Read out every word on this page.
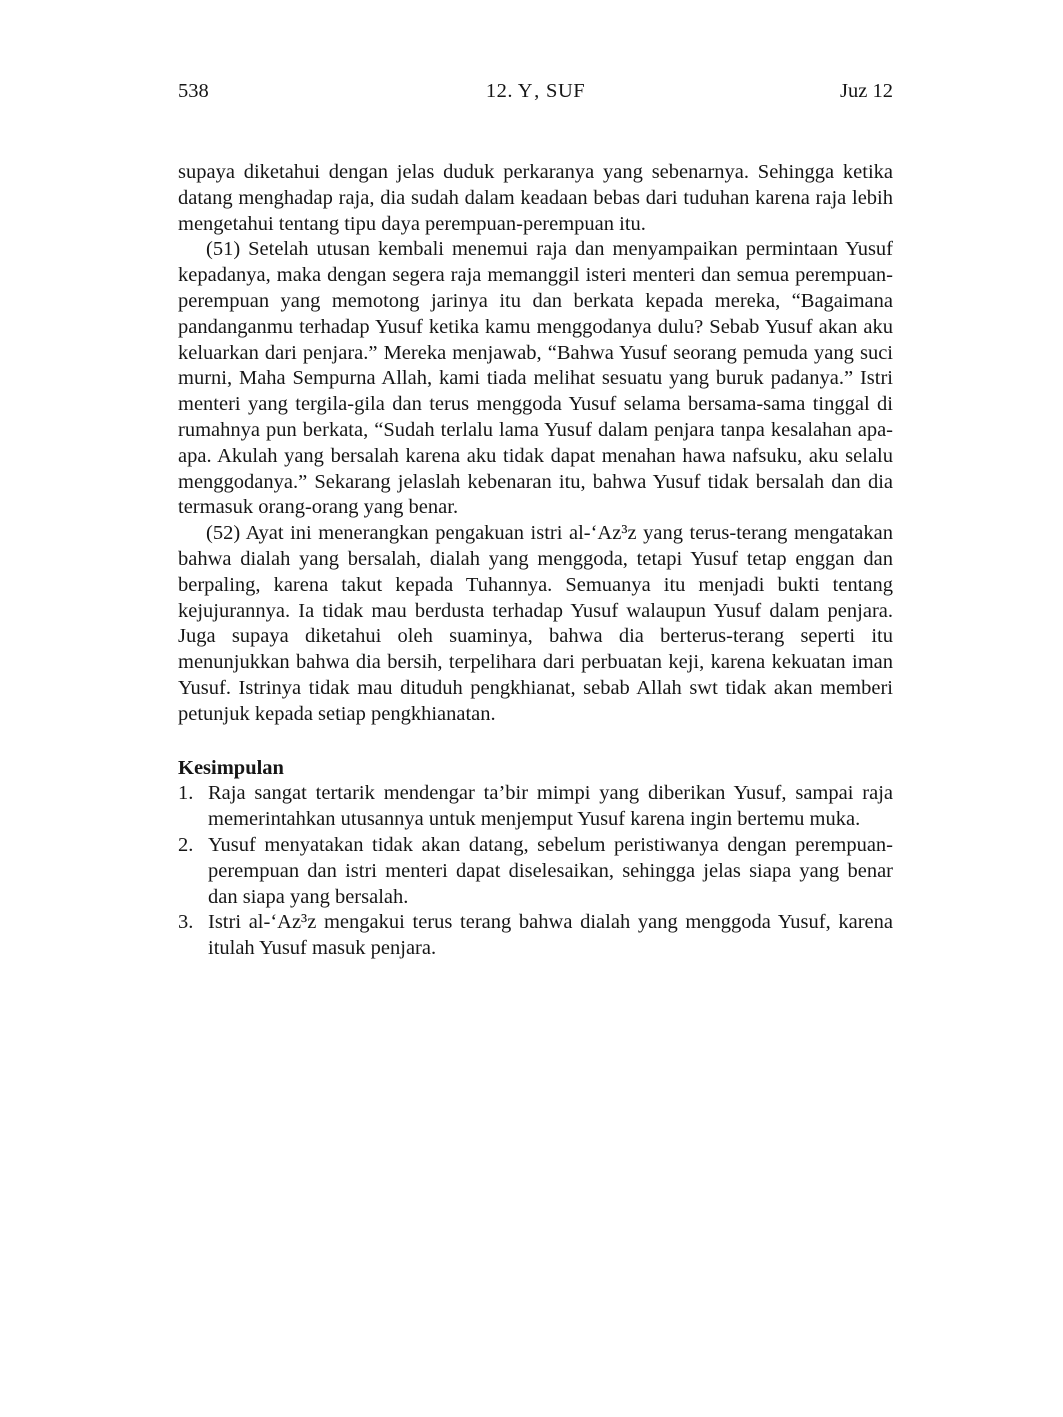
538	12. Y‚ SUF	Juz 12

supaya diketahui dengan jelas duduk perkaranya yang sebenarnya. Sehingga ketika datang menghadap raja, dia sudah dalam keadaan bebas dari tuduhan karena raja lebih mengetahui tentang tipu daya perempuan-perempuan itu.

(51) Setelah utusan kembali menemui raja dan menyampaikan permintaan Yusuf kepadanya, maka dengan segera raja memanggil isteri menteri dan semua perempuan-perempuan yang memotong jarinya itu dan berkata kepada mereka, “Bagaimana pandanganmu terhadap Yusuf ketika kamu menggodanya dulu? Sebab Yusuf akan aku keluarkan dari penjara.” Mereka menjawab, “Bahwa Yusuf seorang pemuda yang suci murni, Maha Sempurna Allah, kami tiada melihat sesuatu yang buruk padanya.” Istri menteri yang tergila-gila dan terus menggoda Yusuf selama bersama-sama tinggal di rumahnya pun berkata, “Sudah terlalu lama Yusuf dalam penjara tanpa kesalahan apa-apa. Akulah yang bersalah karena aku tidak dapat menahan hawa nafsuku, aku selalu menggodanya.” Sekarang jelaslah kebenaran itu, bahwa Yusuf tidak bersalah dan dia termasuk orang-orang yang benar.

(52) Ayat ini menerangkan pengakuan istri al-‘Az³z yang terus-terang mengatakan bahwa dialah yang bersalah, dialah yang menggoda, tetapi Yusuf tetap enggan dan berpaling, karena takut kepada Tuhannya. Semuanya itu menjadi bukti tentang kejujurannya. Ia tidak mau berdusta terhadap Yusuf walaupun Yusuf dalam penjara. Juga supaya diketahui oleh suaminya, bahwa dia berterus-terang seperti itu menunjukkan bahwa dia bersih, terpelihara dari perbuatan keji, karena kekuatan iman Yusuf. Istrinya tidak mau dituduh pengkhianat, sebab Allah swt tidak akan memberi petunjuk kepada setiap pengkhianatan.

Kesimpulan
1. Raja sangat tertarik mendengar ta’bir mimpi yang diberikan Yusuf, sampai raja memerintahkan utusannya untuk menjemput Yusuf karena ingin bertemu muka.
2. Yusuf menyatakan tidak akan datang, sebelum peristiwanya dengan perempuan-perempuan dan istri menteri dapat diselesaikan, sehingga jelas siapa yang benar dan siapa yang bersalah.
3. Istri al-‘Az³z mengakui terus terang bahwa dialah yang menggoda Yusuf, karena itulah Yusuf masuk penjara.
